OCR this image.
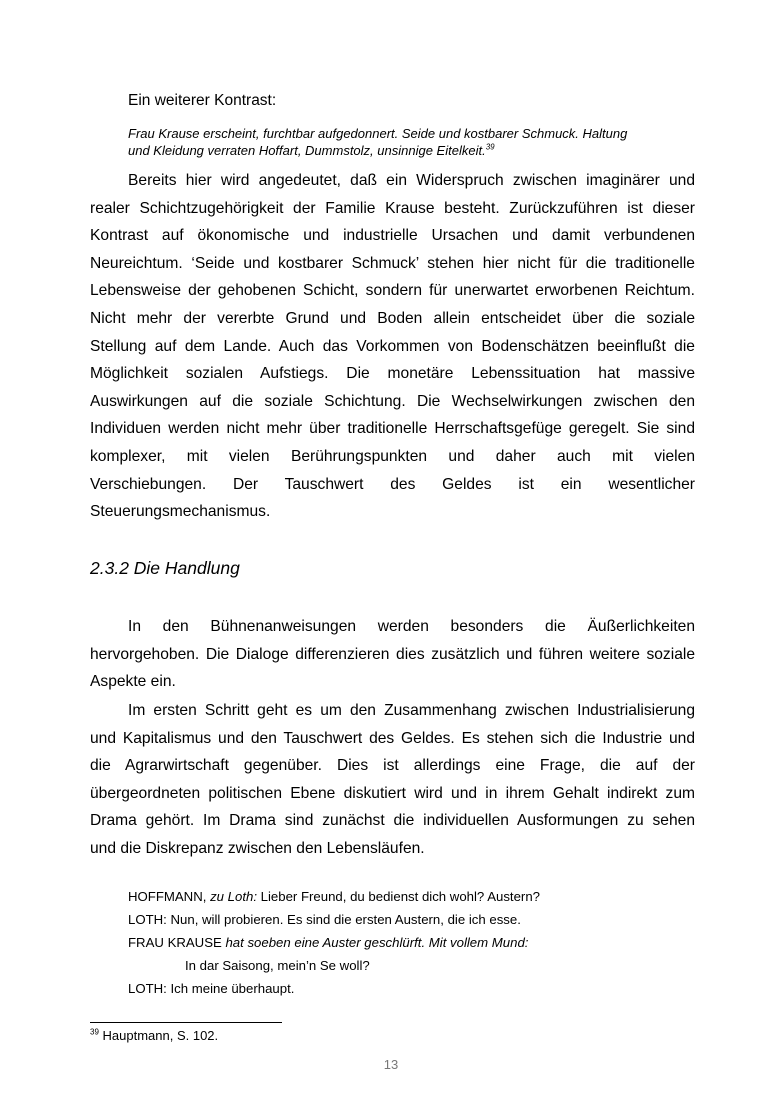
Ein weiterer Kontrast:
Frau Krause erscheint, furchtbar aufgedonnert. Seide und kostbarer Schmuck. Haltung
und Kleidung verraten Hoffart, Dummstolz, unsinnige Eitelkeit.$^{39}$
Bereits hier wird angedeutet, daß ein Widerspruch zwischen imaginärer und
realer Schichtzugehörigkeit der Familie Krause besteht. Zurückzuführen ist dieser
Kontrast auf ökonomische und industrielle Ursachen und damit verbundenen
Neureichtum. ‘Seide und kostbarer Schmuck’ stehen hier nicht für die traditionelle
Lebensweise der gehobenen Schicht, sondern für unerwartet erworbenen Reichtum.
Nicht mehr der vererbte Grund und Boden allein entscheidet über die soziale
Stellung auf dem Lande. Auch das Vorkommen von Bodenschätzen beeinflußt die
Möglichkeit sozialen Aufstiegs. Die monetäre Lebenssituation hat massive
Auswirkungen auf die soziale Schichtung. Die Wechselwirkungen zwischen den
Individuen werden nicht mehr über traditionelle Herrschaftsgefüge geregelt. Sie sind
komplexer, mit vielen Berührungspunkten und daher auch mit vielen
Verschiebungen. Der Tauschwert des Geldes ist ein wesentlicher
Steuerungsmechanismus.
2.3.2 Die Handlung
In den Bühnenanweisungen werden besonders die Äußerlichkeiten
hervorgehoben. Die Dialoge differenzieren dies zusätzlich und führen weitere soziale
Aspekte ein.
Im ersten Schritt geht es um den Zusammenhang zwischen Industrialisierung
und Kapitalismus und den Tauschwert des Geldes. Es stehen sich die Industrie und
die Agrarwirtschaft gegenüber. Dies ist allerdings eine Frage, die auf der
übergeordneten politischen Ebene diskutiert wird und in ihrem Gehalt indirekt zum
Drama gehört. Im Drama sind zunächst die individuellen Ausformungen zu sehen
und die Diskrepanz zwischen den Lebensläufen.
HOFFMANN, zu Loth: Lieber Freund, du bedienst dich wohl? Austern?
LOTH: Nun, will probieren. Es sind die ersten Austern, die ich esse.
FRAU KRAUSE hat soeben eine Auster geschlürft. Mit vollem Mund:
In dar Saisong, mein’n Se woll?
LOTH: Ich meine überhaupt.
$^{39}$ Hauptmann, S. 102.
13
